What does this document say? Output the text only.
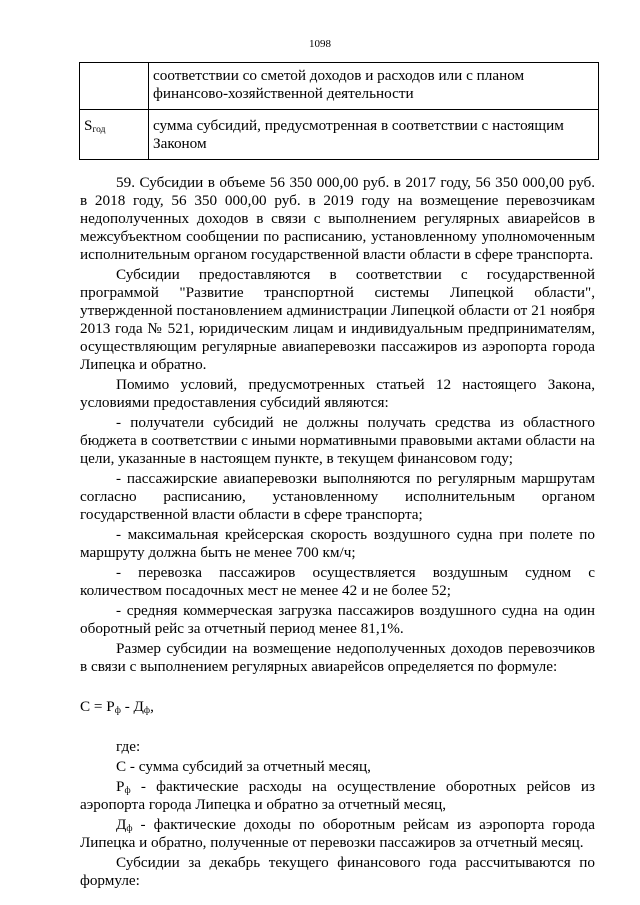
1098
	соответствии со сметой доходов и расходов или с планом финансово-хозяйственной деятельности
$S_{год}$	сумма субсидий, предусмотренная в соответствии с настоящим Законом

59. Субсидии в объеме 56 350 000,00 руб. в 2017 году, 56 350 000,00 руб. в 2018 году, 56 350 000,00 руб. в 2019 году на возмещение перевозчикам недополученных доходов в связи с выполнением регулярных авиарейсов в межсубъектном сообщении по расписанию, установленному уполномоченным исполнительным органом государственной власти области в сфере транспорта.

Субсидии предоставляются в соответствии с государственной программой "Развитие транспортной системы Липецкой области", утвержденной постановлением администрации Липецкой области от 21 ноября 2013 года № 521, юридическим лицам и индивидуальным предпринимателям, осуществляющим регулярные авиаперевозки пассажиров из аэропорта города Липецка и обратно.

Помимо условий, предусмотренных статьей 12 настоящего Закона, условиями предоставления субсидий являются:

- получатели субсидий не должны получать средства из областного бюджета в соответствии с иными нормативными правовыми актами области на цели, указанные в настоящем пункте, в текущем финансовом году;

- пассажирские авиаперевозки выполняются по регулярным маршрутам согласно расписанию, установленному исполнительным органом государственной власти области в сфере транспорта;

- максимальная крейсерская скорость воздушного судна при полете по маршруту должна быть не менее 700 км/ч;

- перевозка пассажиров осуществляется воздушным судном с количеством посадочных мест не менее 42 и не более 52;

- средняя коммерческая загрузка пассажиров воздушного судна на один оборотный рейс за отчетный период менее 81,1%.

Размер субсидии на возмещение недополученных доходов перевозчиков в связи с выполнением регулярных авиарейсов определяется по формуле:

$С = Р_ф - Д_ф$,

где:

С - сумма субсидий за отчетный месяц,

$Р_ф$ - фактические расходы на осуществление оборотных рейсов из аэропорта города Липецка и обратно за отчетный месяц,

$Д_ф$ - фактические доходы по оборотным рейсам из аэропорта города Липецка и обратно, полученные от перевозки пассажиров за отчетный месяц.

Субсидии за декабрь текущего финансового года рассчитываются по формуле:
